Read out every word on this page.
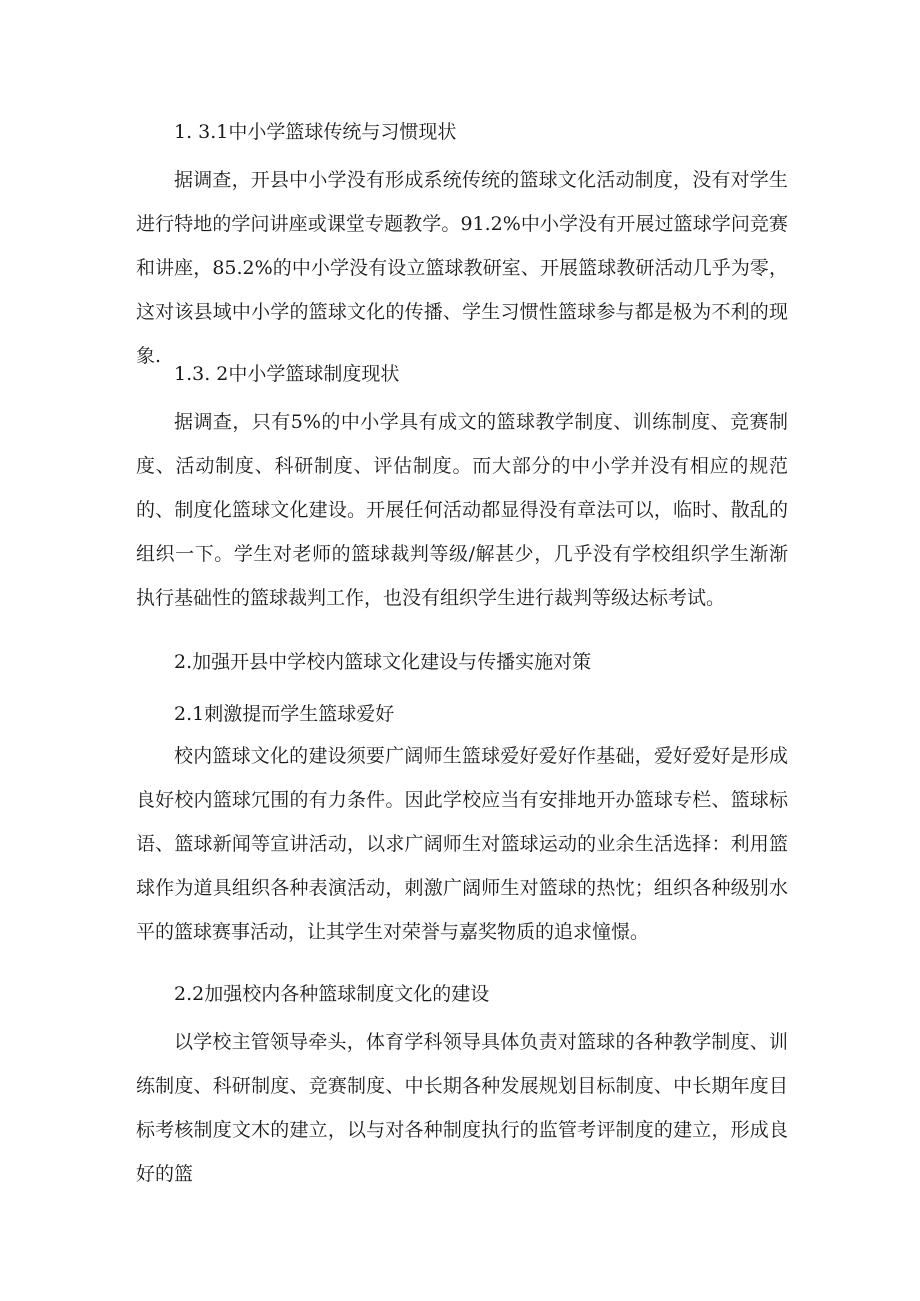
1. 3.1中小学篮球传统与习惯现状

据调查，开县中小学没有形成系统传统的篮球文化活动制度，没有对学生进行特地的学问讲座或课堂专题教学。91.2%中小学没有开展过篮球学问竞赛和讲座，85.2%的中小学没有设立篮球教研室、开展篮球教研活动几乎为零，这对该县域中小学的篮球文化的传播、学生习惯性篮球参与都是极为不利的现象.

1.3. 2中小学篮球制度现状

据调查，只有5%的中小学具有成文的篮球教学制度、训练制度、竞赛制度、活动制度、科研制度、评估制度。而大部分的中小学并没有相应的规范的、制度化篮球文化建设。开展任何活动都显得没有章法可以，临时、散乱的组织一下。学生对老师的篮球裁判等级/解甚少，几乎没有学校组织学生渐渐执行基础性的篮球裁判工作，也没有组织学生进行裁判等级达标考试。

2.加强开县中学校内篮球文化建设与传播实施对策

2.1刺激提而学生篮球爱好

校内篮球文化的建设须要广阔师生篮球爱好爱好作基础，爱好爱好是形成良好校内篮球冗围的有力条件。因此学校应当有安排地开办篮球专栏、篮球标语、篮球新闻等宣讲活动，以求广阔师生对篮球运动的业余生活选择：利用篮球作为道具组织各种表演活动，刺激广阔师生对篮球的热忱；组织各种级别水平的篮球赛事活动，让其学生对荣誉与嘉奖物质的追求憧憬。

2.2加强校内各种篮球制度文化的建设

以学校主管领导牵头，体育学科领导具体负责对篮球的各种教学制度、训练制度、科研制度、竞赛制度、中长期各种发展规划目标制度、中长期年度目标考核制度文木的建立，以与对各种制度执行的监管考评制度的建立，形成良好的篮
